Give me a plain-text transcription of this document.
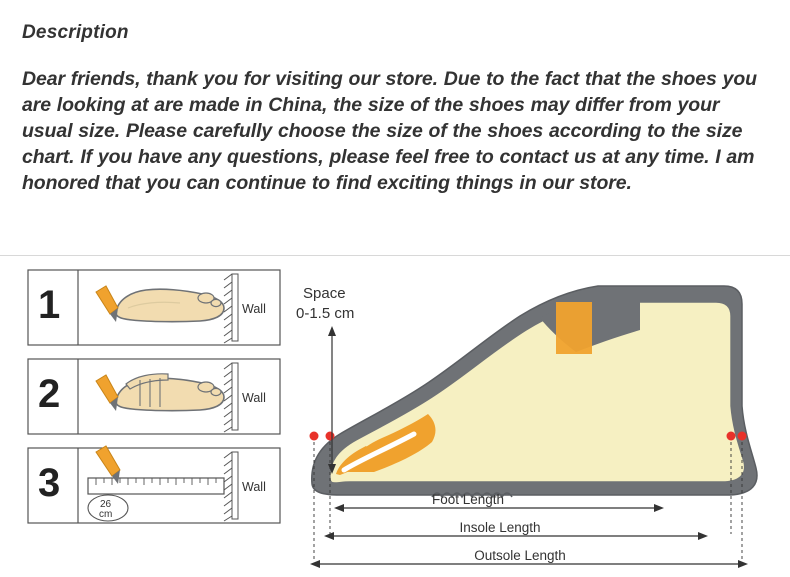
Description

Dear friends, thank you for visiting our store. Due to the fact that the shoes you are looking at are made in China, the size of the shoes may differ from your usual size. Please carefully choose the size of the shoes according to the size chart. If you have any questions, please feel free to contact us at any time. I am honored that you can continue to find exciting things in our store.

1	Wall
2	Wall
3	Wall
26
cm
Space
0-1.5 cm
Foot Length
Insole Length
Outsole Length
